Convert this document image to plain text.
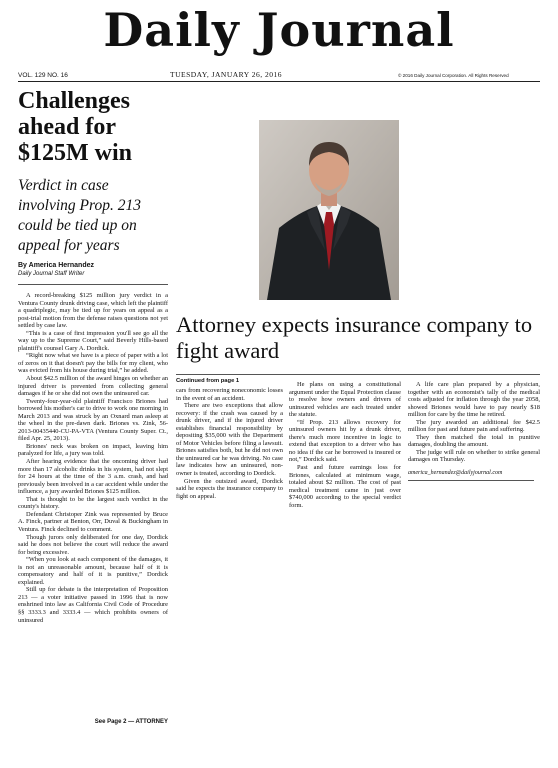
Daily Journal
VOL. 129 NO. 16	TUESDAY, JANUARY 26, 2016	© 2016 Daily Journal Corporation. All Rights Reserved
Challenges ahead for $125M win
Verdict in case involving Prop. 213 could be tied up on appeal for years
By America Hernandez
Daily Journal Staff Writer

A record-breaking $125 million jury verdict in a Ventura County drunk driving case, which left the plaintiff a quadriplegic, may be tied up for years on appeal as a post-trial motion from the defense raises questions not yet settled by case law.

“This is a case of first impression you'll see go all the way up to the Supreme Court,” said Beverly Hills-based plaintiff's counsel Gary A. Dordick.

“Right now what we have is a piece of paper with a lot of zeros on it that doesn't pay the bills for my client, who was evicted from his house during trial,” he added.

About $42.5 million of the award hinges on whether an injured driver is prevented from collecting general damages if he or she did not own the uninsured car.

Twenty-four-year-old plaintiff Francisco Briones had borrowed his mother's car to drive to work one morning in March 2013 and was struck by an Oxnard man asleep at the wheel in the pre-dawn dark. Briones vs. Zink, 56-2013-00435440-CU-PA-VTA (Ventura County Super. Ct., filed Apr. 25, 2013).

Briones' neck was broken on impact, leaving him paralyzed for life, a jury was told.

After hearing evidence that the oncoming driver had more than 17 alcoholic drinks in his system, had not slept for 24 hours at the time of the 3 a.m. crash, and had previously been involved in a car accident while under the influence, a jury awarded Briones $125 million.

That is thought to be the largest such verdict in the county's history.

Defendant Christoper Zink was represented by Bruce A. Finck, partner at Benton, Orr, Duval & Buckingham in Ventura. Finck declined to comment.

Though jurors only deliberated for one day, Dordick said he does not believe the court will reduce the award for being excessive.

“When you look at each component of the damages, it is not an unreasonable amount, because half of it is compensatory and half of it is punitive,” Dordick explained.

Still up for debate is the interpretation of Proposition 213 — a voter initiative passed in 1996 that is now enshrined into law as California Civil Code of Procedure §§ 3333.3 and 3333.4 — which prohibits owners of uninsured

See Page 2 — ATTORNEY
Attorney expects insurance company to fight award
Continued from page 1

cars from recovering noneconomic losses in the event of an accident.

There are two exceptions that allow recovery: if the crash was caused by a drunk driver, and if the injured driver establishes financial responsibility by depositing $35,000 with the Department of Motor Vehicles before filing a lawsuit. Briones satisfies both, but he did not own the uninsured car he was driving. No case law indicates how an uninsured, non-owner is treated, according to Dordick.

Given the outsized award, Dordick said he expects the insurance company to fight on appeal.

He plans on using a constitutional argument under the Equal Protection clause to resolve how owners and drivers of uninsured vehicles are each treated under the statute.

“If Prop. 213 allows recovery for uninsured owners hit by a drunk driver, there's much more incentive in logic to extend that exception to a driver who has no idea if the car he borrowed is insured or not,” Dordick said.

Past and future earnings loss for Briones, calculated at minimum wage, totaled about $2 million. The cost of past medical treatment came in just over $740,000 according to the special verdict form.

A life care plan prepared by a physician, together with an economist's tally of the medical costs adjusted for inflation through the year 2058, showed Briones would have to pay nearly $18 million for care by the time he retired.

The jury awarded an additional fee $42.5 million for past and future pain and suffering.

They then matched the total in punitive damages, doubling the amount.

The judge will rule on whether to strike general damages on Thursday.

america_hernandez@dailyjournal.com
